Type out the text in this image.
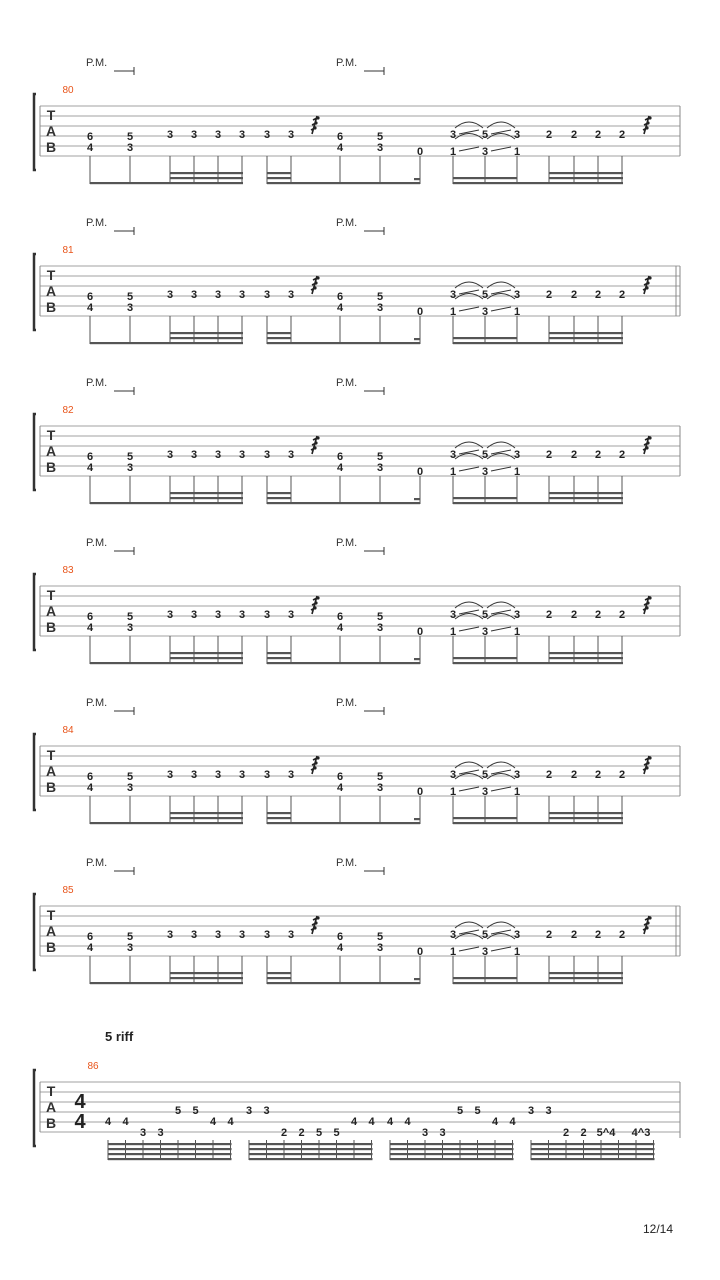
T
A
B
80
P.M.	P.M.
6
4
5
3
3 3 3 3 3 3	6
4
5
3	0
3
1
5
3
3
1
2 2 2 2
T
A
B
81
P.M.	P.M.
6
4
5
3
3 3 3 3 3 3	6
4
5
3	0
3
1
5
3
3
1
2 2 2 2
T
A
B
82
P.M.	P.M.
6
4
5
3
3 3 3 3 3 3	6
4
5
3	0
3
1
5
3
3
1
2 2 2 2
T
A
B
83
P.M.	P.M.
6
4
5
3
3 3 3 3 3 3	6
4
5
3	0
3
1
5
3
3
1
2 2 2 2
T
A
B
84
P.M.	P.M.
6
4
5
3
3 3 3 3 3 3	6
4
5
3	0
3
1
5
3
3
1
2 2 2 2
T
A
B
85
P.M.	P.M.
6
4
5
3
3 3 3 3 3 3	6
4
5
3	0
3
1
5
3
3
1
2 2 2 2
5 riff
T
A
B
86
4
4 4 4
3 3
5 5
4 4
3 3
2 2 5 5
4 4 4 4
3 3
5 5
4 4
3 3
2 2 5^4 4^3
12/14
